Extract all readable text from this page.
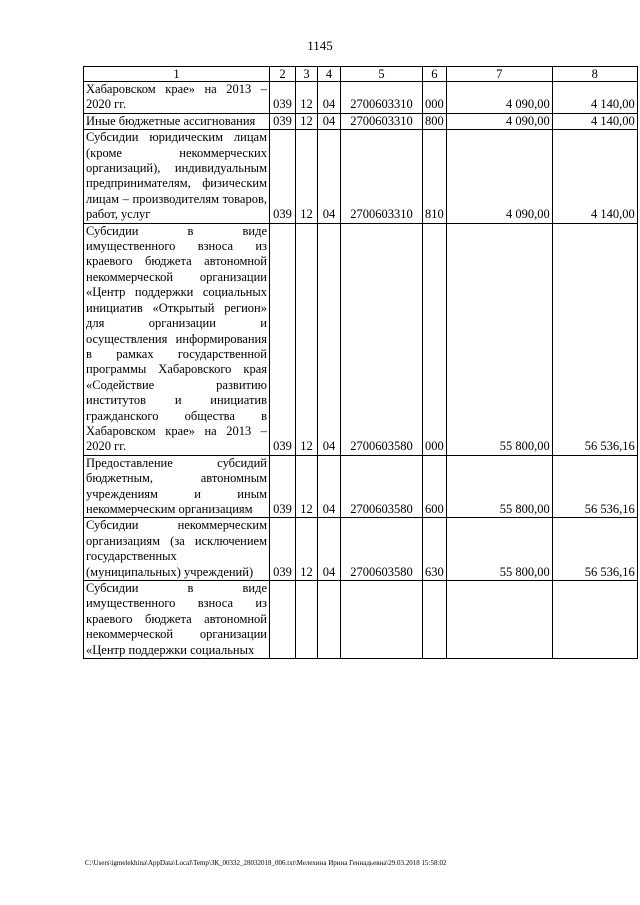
1145
1	2	3	4	5	6	7	8
Хабаровском крае» на 2013 – 2020 гг.	039	12	04	2700603310	000	4 090,00	4 140,00
Иные бюджетные ассигнования	039	12	04	2700603310	800	4 090,00	4 140,00
Субсидии юридическим лицам (кроме некоммерческих организаций), индивидуальным предпринимателям, физическим лицам – производителям товаров, работ, услуг	039	12	04	2700603310	810	4 090,00	4 140,00
Субсидии в виде имущественного взноса из краевого бюджета автономной некоммерческой организации «Центр поддержки социальных инициатив «Открытый регион» для организации и осуществления информирования в рамках государственной программы Хабаровского края «Содействие развитию институтов и инициатив гражданского общества в Хабаровском крае» на 2013 – 2020 гг.	039	12	04	2700603580	000	55 800,00	56 536,16
Предоставление субсидий бюджетным, автономным учреждениям и иным некоммерческим организациям	039	12	04	2700603580	600	55 800,00	56 536,16
Субсидии некоммерческим организациям (за исключением государственных (муниципальных) учреждений)	039	12	04	2700603580	630	55 800,00	56 536,16
Субсидии в виде имущественного взноса из краевого бюджета автономной некоммерческой организации «Центр поддержки социальных							
C:\Users\igmelekhina\AppData\Local\Temp\ЗК_00332_28032018_006.txt\Мелехина Ирина Геннадьевна\29.03.2018 15:58:02
